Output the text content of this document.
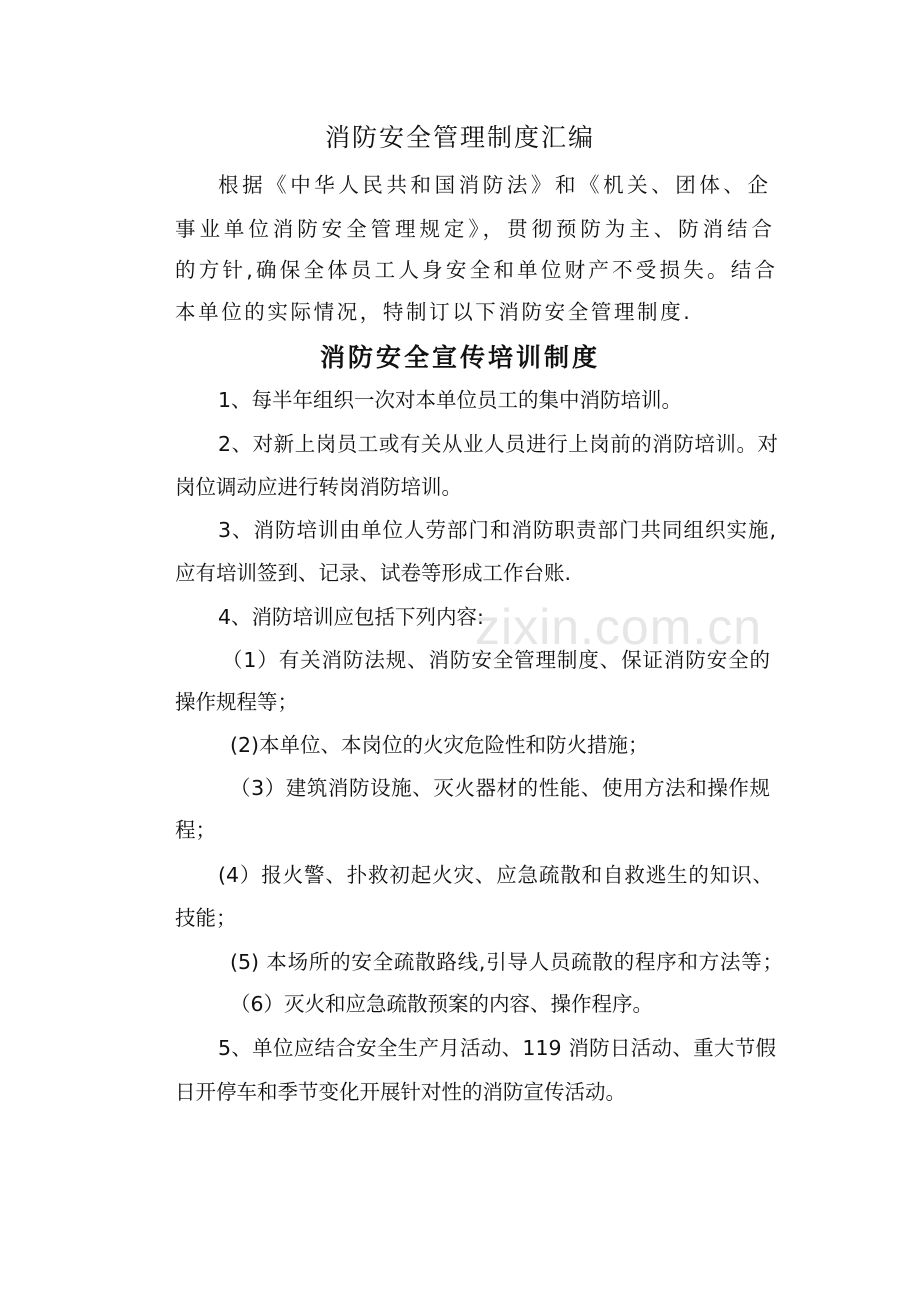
zixin.com.cn
消防安全管理制度汇编
根据《中华人民共和国消防法》和《机关、团体、企
事业单位消防安全管理规定》，贯彻预防为主、防消结合
的方针,确保全体员工人身安全和单位财产不受损失。结合
本单位的实际情况，特制订以下消防安全管理制度.
消防安全宣传培训制度
1、每半年组织一次对本单位员工的集中消防培训。
2、对新上岗员工或有关从业人员进行上岗前的消防培训。对
岗位调动应进行转岗消防培训。
3、消防培训由单位人劳部门和消防职责部门共同组织实施,
应有培训签到、记录、试卷等形成工作台账.
4、消防培训应包括下列内容:
（1）有关消防法规、消防安全管理制度、保证消防安全的
操作规程等；
(2)本单位、本岗位的火灾危险性和防火措施；
（3）建筑消防设施、灭火器材的性能、使用方法和操作规
程；
(4）报火警、扑救初起火灾、应急疏散和自救逃生的知识、
技能；
(5) 本场所的安全疏散路线,引导人员疏散的程序和方法等；
（6）灭火和应急疏散预案的内容、操作程序。
5、单位应结合安全生产月活动、119 消防日活动、重大节假
日开停车和季节变化开展针对性的消防宣传活动。
